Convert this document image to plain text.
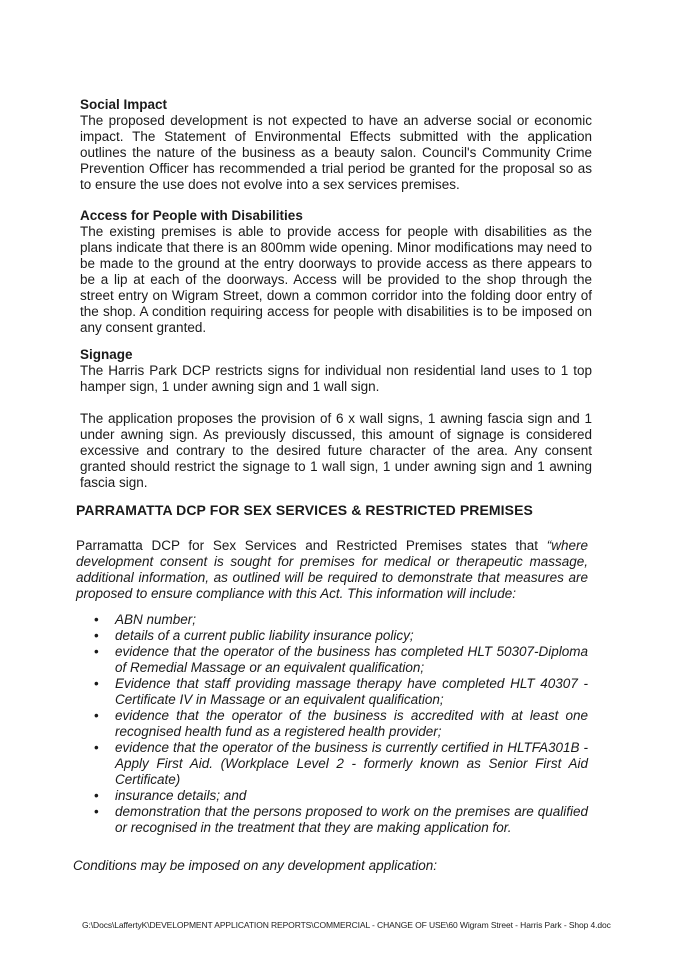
Social Impact

The proposed development is not expected to have an adverse social or economic impact. The Statement of Environmental Effects submitted with the application outlines the nature of the business as a beauty salon. Council's Community Crime Prevention Officer has recommended a trial period be granted for the proposal so as to ensure the use does not evolve into a sex services premises.

Access for People with Disabilities

The existing premises is able to provide access for people with disabilities as the plans indicate that there is an 800mm wide opening. Minor modifications may need to be made to the ground at the entry doorways to provide access as there appears to be a lip at each of the doorways. Access will be provided to the shop through the street entry on Wigram Street, down a common corridor into the folding door entry of the shop. A condition requiring access for people with disabilities is to be imposed on any consent granted.

Signage

The Harris Park DCP restricts signs for individual non residential land uses to 1 top hamper sign, 1 under awning sign and 1 wall sign.

The application proposes the provision of 6 x wall signs, 1 awning fascia sign and 1 under awning sign. As previously discussed, this amount of signage is considered excessive and contrary to the desired future character of the area. Any consent granted should restrict the signage to 1 wall sign, 1 under awning sign and 1 awning fascia sign.

PARRAMATTA DCP FOR SEX SERVICES & RESTRICTED PREMISES
Parramatta DCP for Sex Services and Restricted Premises states that “where development consent is sought for premises for medical or therapeutic massage, additional information, as outlined will be required to demonstrate that measures are proposed to ensure compliance with this Act. This information will include:
• ABN number;
• details of a current public liability insurance policy;
• evidence that the operator of the business has completed HLT 50307-Diploma of Remedial Massage or an equivalent qualification;
• Evidence that staff providing massage therapy have completed HLT 40307 - Certificate IV in Massage or an equivalent qualification;
• evidence that the operator of the business is accredited with at least one recognised health fund as a registered health provider;
• evidence that the operator of the business is currently certified in HLTFA301B - Apply First Aid. (Workplace Level 2 - formerly known as Senior First Aid Certificate)
• insurance details; and
• demonstration that the persons proposed to work on the premises are qualified or recognised in the treatment that they are making application for.
Conditions may be imposed on any development application:
G:\Docs\LaffertyK\DEVELOPMENT APPLICATION REPORTS\COMMERCIAL - CHANGE OF USE\60 Wigram Street - Harris Park - Shop 4.doc
